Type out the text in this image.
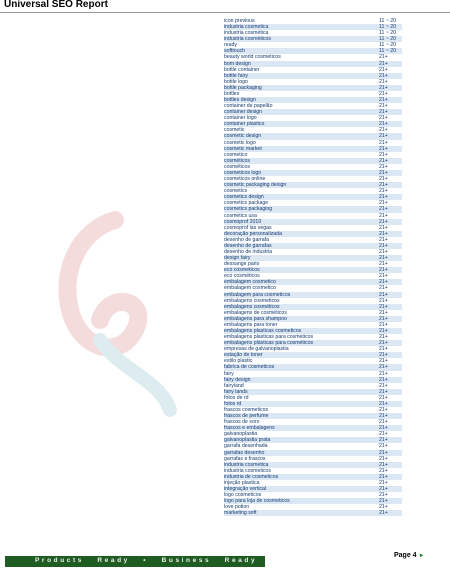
Universal SEO Report
icon previous	11 ~ 20
industria cosmetica	11 ~ 20
industria cosmética	11 ~ 20
industria cosméticos	11 ~ 20
ready	11 ~ 20
softtouch	11 ~ 20
beauty world cosmeticos	21+
bom design	21+
bottle container	21+
bottle fairy	21+
bottle logo	21+
bottle packaging	21+
bottles	21+
bottles design	21+
container de papelão	21+
container design	21+
container logo	21+
container plastico	21+
cosmetic	21+
cosmetic design	21+
cosmetic logo	21+
cosmetic market	21+
cosmetico	21+
cosméticos	21+
cosméticos	21+
cosmeticos logo	21+
cosmeticos online	21+
cosmetic packaging design	21+
cosmetics	21+
cosmetics design	21+
cosmetics package	21+
cosmetics packaging	21+
cosmetics usa	21+
cosmoprof 2010	21+
cosmoprof las vegas	21+
decoração personalizada	21+
desenho de garrafa	21+
desenho de garrafas	21+
desenho de industria	21+
design fairy	21+
dessange paris	21+
eco cosmeticos	21+
eco cosméticos	21+
embalagem cosmetico	21+
embalagem cosmetico	21+
embalagem para cosmeticos	21+
embalagens cosmeticos	21+
embalagens cosméticos	21+
embalagens de cosméticos	21+
embalagens para shampoo	21+
embalagens para toner	21+
embalagens plasticas cosmeticos	21+
embalagens plasticas para cosmeticos	21+
embalagens plásticas para cosméticos	21+
empresas de galvanoplastia	21+
estação de toner	21+
estilo plastic	21+
fabrica de cosmeticos	21+
fairy	21+
fairy design	21+
fairyland	21+
fairy lands	21+
fotos de rd	21+
fotos rd	21+
frascos cosmeticos	21+
frascos de perfume	21+
frascos de soro	21+
frascos e embalagens	21+
galvanoplastia	21+
galvanoplastia prata	21+
garrafa desenhada	21+
garrafas desenho	21+
garrafas e frascos	21+
industria cosmetica	21+
industria cosmeticos	21+
industria de cosmeticos	21+
injeção plastica	21+
integração vertical	21+
logo cosmeticos	21+
logo para loja de cosmeticos	21+
love potion	21+
marketing soft	21+
Page 4 ►
Products Ready • Business Ready
